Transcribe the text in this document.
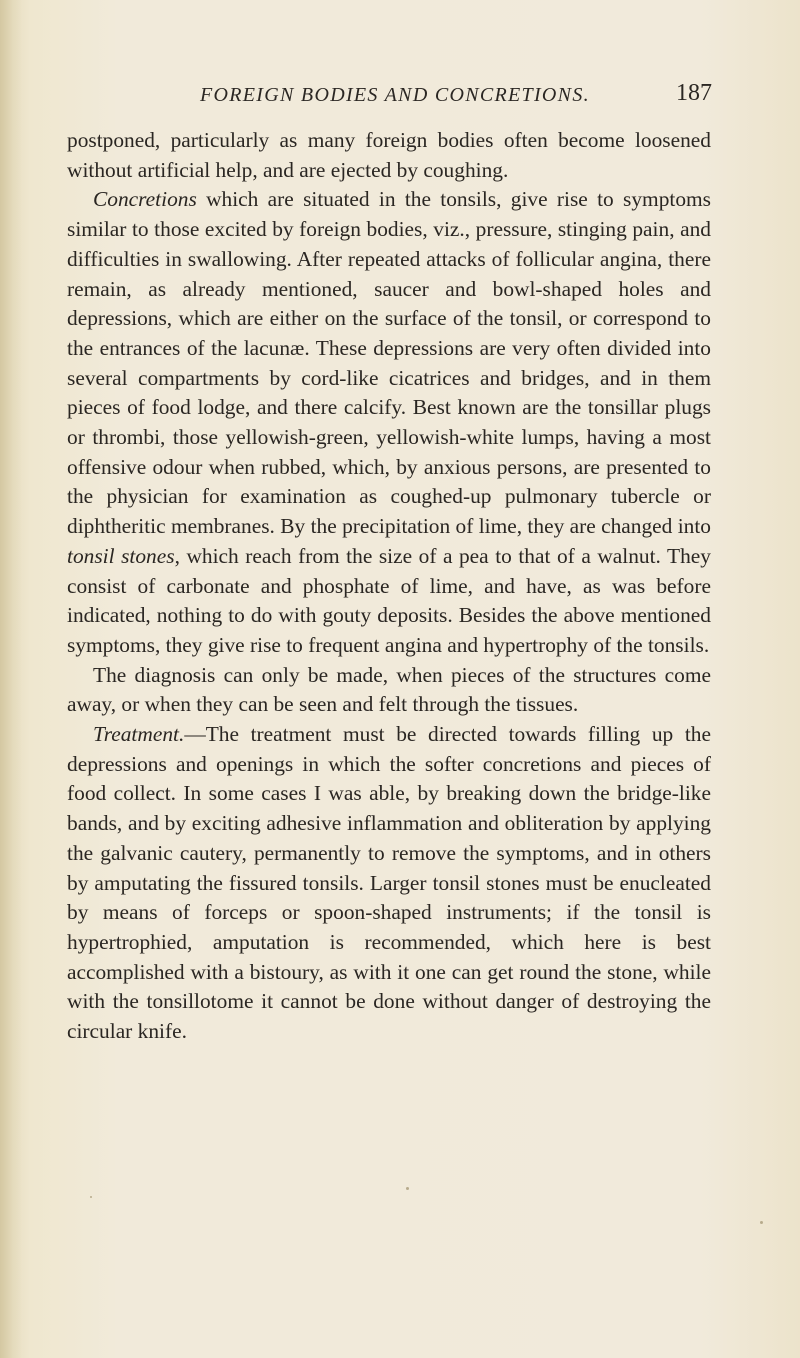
FOREIGN BODIES AND CONCRETIONS.	187

postponed, particularly as many foreign bodies often become loosened without artificial help, and are ejected by coughing.

Concretions which are situated in the tonsils, give rise to symptoms similar to those excited by foreign bodies, viz., pressure, stinging pain, and difficulties in swallowing. After repeated attacks of follicular angina, there remain, as already mentioned, saucer and bowl-shaped holes and depressions, which are either on the surface of the tonsil, or correspond to the entrances of the lacunæ. These depressions are very often divided into several compartments by cord-like cicatrices and bridges, and in them pieces of food lodge, and there calcify. Best known are the tonsillar plugs or thrombi, those yellowish-green, yellowish-white lumps, having a most offensive odour when rubbed, which, by anxious persons, are presented to the physician for examination as coughed-up pulmonary tubercle or diphtheritic membranes. By the precipitation of lime, they are changed into tonsil stones, which reach from the size of a pea to that of a walnut. They consist of carbonate and phosphate of lime, and have, as was before indicated, nothing to do with gouty deposits. Besides the above mentioned symptoms, they give rise to frequent angina and hypertrophy of the tonsils.

The diagnosis can only be made, when pieces of the structures come away, or when they can be seen and felt through the tissues.

Treatment.—The treatment must be directed towards filling up the depressions and openings in which the softer concretions and pieces of food collect. In some cases I was able, by breaking down the bridge-like bands, and by exciting adhesive inflammation and obliteration by applying the galvanic cautery, permanently to remove the symptoms, and in others by amputating the fissured tonsils. Larger tonsil stones must be enucleated by means of forceps or spoon-shaped instruments; if the tonsil is hypertrophied, amputation is recommended, which here is best accomplished with a bistoury, as with it one can get round the stone, while with the tonsillotome it cannot be done without danger of destroying the circular knife.
